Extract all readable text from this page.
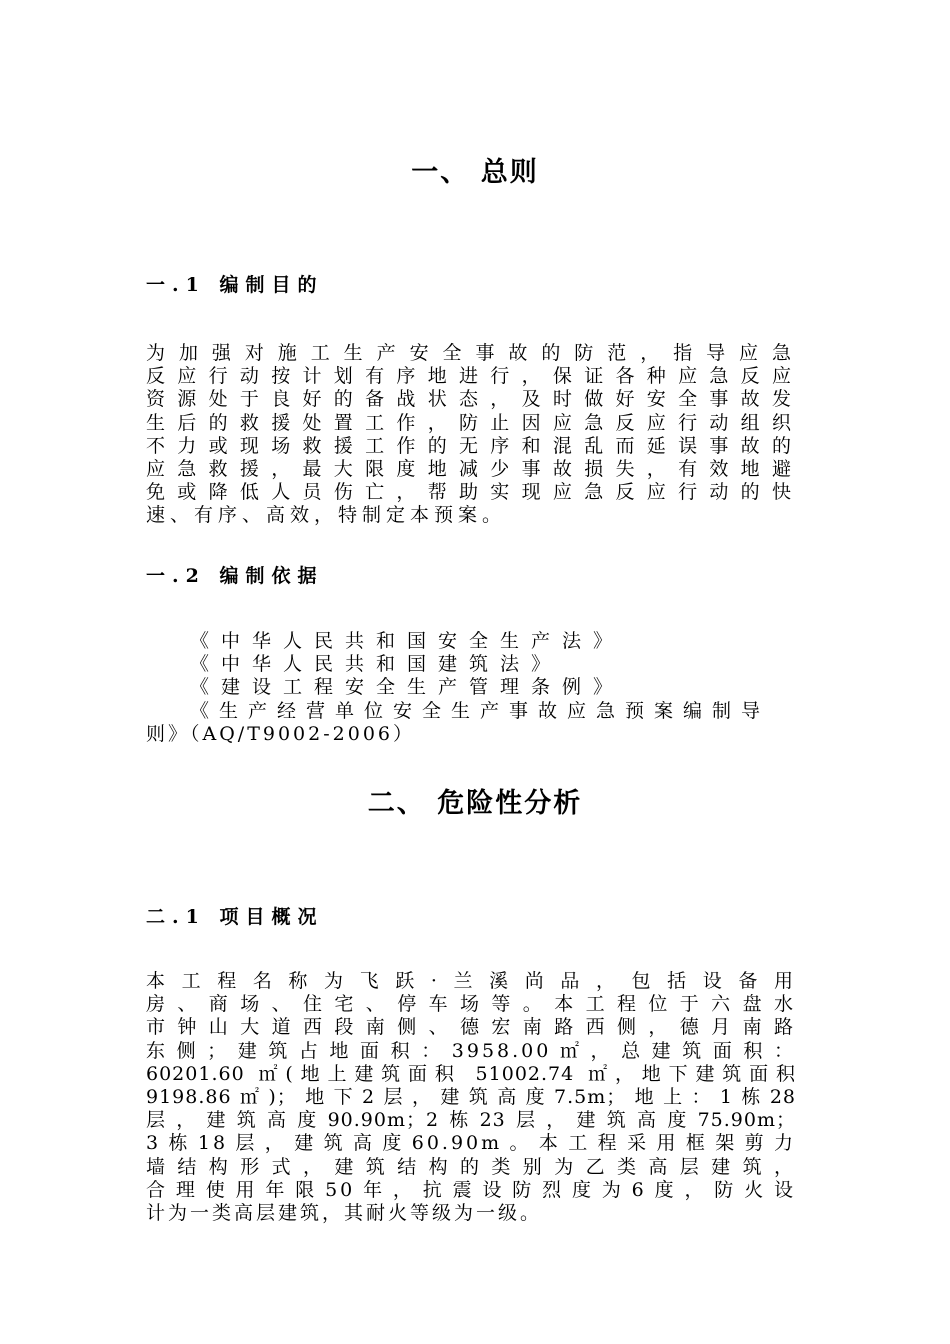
一、 总则
一.1 编制目的
为加强对施工生产安全事故的防范，指导应急
反应行动按计划有序地进行，保证各种应急反应
资源处于良好的备战状态，及时做好安全事故发
生后的救援处置工作，防止因应急反应行动组织
不力或现场救援工作的无序和混乱而延误事故的
应急救援，最大限度地减少事故损失，有效地避
免或降低人员伤亡，帮助实现应急反应行动的快
速、有序、高效，特制定本预案。
一.2 编制依据
《中华人民共和国安全生产法》
《中华人民共和国建筑法》
《建设工程安全生产管理条例》
《生产经营单位安全生产事故应急预案编制导
则》（AQ/T9002-2006）
二、 危险性分析
二.1 项目概况
本工程名称为飞跃·兰溪尚品，包括设备用
房、商场、住宅、停车场等。本工程位于六盘水
市钟山大道西段南侧、德宏南路西侧，德月南路
东侧；建筑占地面积：3958.00㎡，总建筑面积：
60201.60 ㎡(地上建筑面积 51002.74 ㎡，地下建筑面积
9198.86㎡)；地下2层，建筑高度7.5m；地上：1栋28
层，建筑高度90.90m；2栋23层，建筑高度75.90m；
3栋18层，建筑高度60.90m。本工程采用框架剪力
墙结构形式，建筑结构的类别为乙类高层建筑，
合理使用年限50年，抗震设防烈度为6度，防火设
计为一类高层建筑，其耐火等级为一级。
